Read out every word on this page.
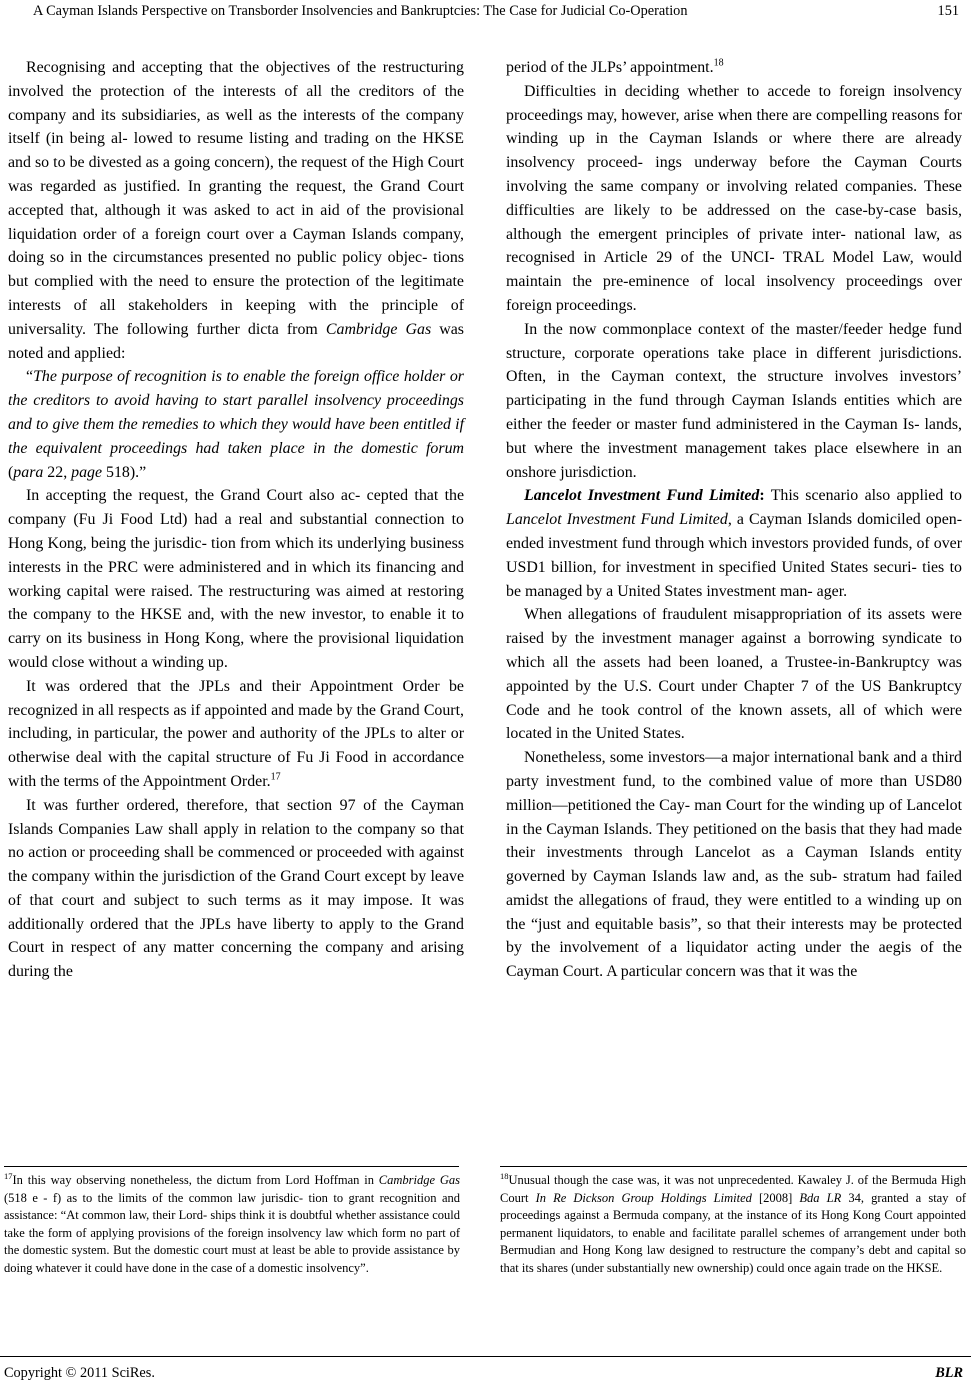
A Cayman Islands Perspective on Transborder Insolvencies and Bankruptcies: The Case for Judicial Co-Operation	151

Recognising and accepting that the objectives of the restructuring involved the protection of the interests of all the creditors of the company and its subsidiaries, as well as the interests of the company itself (in being al- lowed to resume listing and trading on the HKSE and so to be divested as a going concern), the request of the High Court was regarded as justified. In granting the request, the Grand Court accepted that, although it was asked to act in aid of the provisional liquidation order of a foreign court over a Cayman Islands company, doing so in the circumstances presented no public policy objec- tions but complied with the need to ensure the protection of the legitimate interests of all stakeholders in keeping with the principle of universality. The following further dicta from Cambridge Gas was noted and applied:

“The purpose of recognition is to enable the foreign office holder or the creditors to avoid having to start parallel insolvency proceedings and to give them the remedies to which they would have been entitled if the equivalent proceedings had taken place in the domestic forum (para 22, page 518).”

In accepting the request, the Grand Court also ac- cepted that the company (Fu Ji Food Ltd) had a real and substantial connection to Hong Kong, being the jurisdic- tion from which its underlying business interests in the PRC were administered and in which its financing and working capital were raised. The restructuring was aimed at restoring the company to the HKSE and, with the new investor, to enable it to carry on its business in Hong Kong, where the provisional liquidation would close without a winding up.

It was ordered that the JPLs and their Appointment Order be recognized in all respects as if appointed and made by the Grand Court, including, in particular, the power and authority of the JPLs to alter or otherwise deal with the capital structure of Fu Ji Food in accordance with the terms of the Appointment Order.$^{17}$

It was further ordered, therefore, that section 97 of the Cayman Islands Companies Law shall apply in relation to the company so that no action or proceeding shall be commenced or proceeded with against the company within the jurisdiction of the Grand Court except by leave of that court and subject to such terms as it may impose. It was additionally ordered that the JPLs have liberty to apply to the Grand Court in respect of any matter concerning the company and arising during the

period of the JLPs’ appointment.$^{18}$

Difficulties in deciding whether to accede to foreign insolvency proceedings may, however, arise when there are compelling reasons for winding up in the Cayman Islands or where there are already insolvency proceed- ings underway before the Cayman Courts involving the same company or involving related companies. These difficulties are likely to be addressed on the case-by-case basis, although the emergent principles of private inter- national law, as recognised in Article 29 of the UNCI- TRAL Model Law, would maintain the pre-eminence of local insolvency proceedings over foreign proceedings.

In the now commonplace context of the master/feeder hedge fund structure, corporate operations take place in different jurisdictions. Often, in the Cayman context, the structure involves investors’ participating in the fund through Cayman Islands entities which are either the feeder or master fund administered in the Cayman Is- lands, but where the investment management takes place elsewhere in an onshore jurisdiction.

Lancelot Investment Fund Limited: This scenario also applied to Lancelot Investment Fund Limited, a Cayman Islands domiciled open-ended investment fund through which investors provided funds, of over USD1 billion, for investment in specified United States securi- ties to be managed by a United States investment man- ager.

When allegations of fraudulent misappropriation of its assets were raised by the investment manager against a borrowing syndicate to which all the assets had been loaned, a Trustee-in-Bankruptcy was appointed by the U.S. Court under Chapter 7 of the US Bankruptcy Code and he took control of the known assets, all of which were located in the United States.

Nonetheless, some investors—a major international bank and a third party investment fund, to the combined value of more than USD80 million—petitioned the Cay- man Court for the winding up of Lancelot in the Cayman Islands. They petitioned on the basis that they had made their investments through Lancelot as a Cayman Islands entity governed by Cayman Islands law and, as the sub- stratum had failed amidst the allegations of fraud, they were entitled to a winding up on the “just and equitable basis”, so that their interests may be protected by the involvement of a liquidator acting under the aegis of the Cayman Court. A particular concern was that it was the

$^{17}$In this way observing nonetheless, the dictum from Lord Hoffman in Cambridge Gas (518 e - f) as to the limits of the common law jurisdic- tion to grant recognition and assistance: “At common law, their Lord- ships think it is doubtful whether assistance could take the form of applying provisions of the foreign insolvency law which form no part of the domestic system. But the domestic court must at least be able to provide assistance by doing whatever it could have done in the case of a domestic insolvency”.
$^{18}$Unusual though the case was, it was not unprecedented. Kawaley J. of the Bermuda High Court In Re Dickson Group Holdings Limited [2008] Bda LR 34, granted a stay of proceedings against a Bermuda company, at the instance of its Hong Kong Court appointed permanent liquidators, to enable and facilitate parallel schemes of arrangement under both Bermudian and Hong Kong law designed to restructure the company’s debt and capital so that its shares (under substantially new ownership) could once again trade on the HKSE.
Copyright © 2011 SciRes.	BLR
